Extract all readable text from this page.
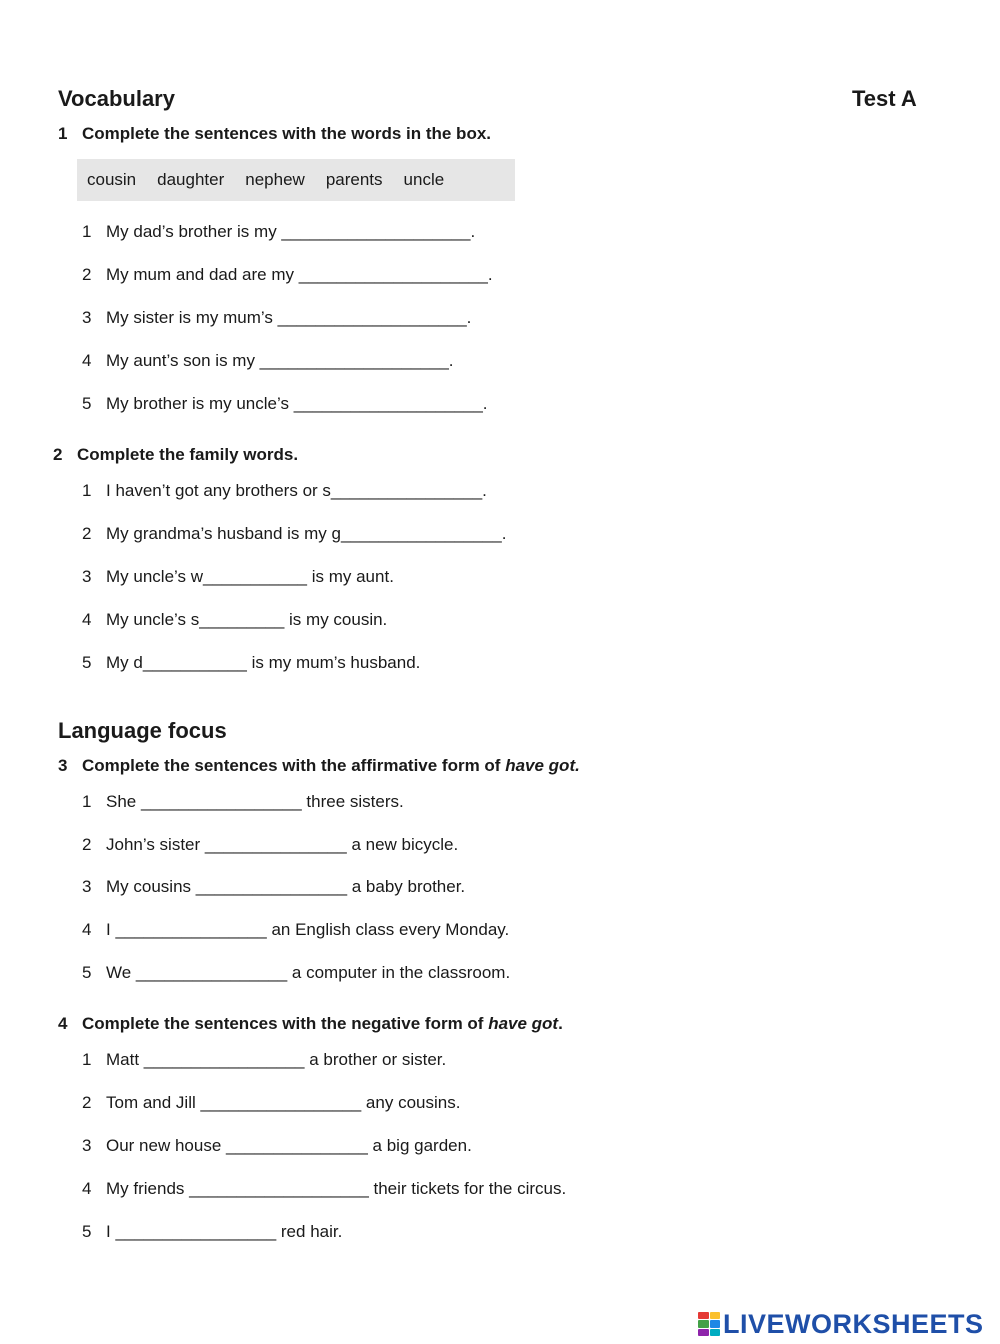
Vocabulary	Test A
1 Complete the sentences with the words in the box.
cousin daughter nephew parents uncle
1 My dad’s brother is my ____________________.
2 My mum and dad are my ____________________.
3 My sister is my mum’s ____________________.
4 My aunt’s son is my ____________________.
5 My brother is my uncle’s ____________________.
2 Complete the family words.
1 I haven’t got any brothers or s________________.
2 My grandma’s husband is my g_________________.
3 My uncle’s w___________ is my aunt.
4 My uncle’s s_________ is my cousin.
5 My d___________ is my mum’s husband.
Language focus
3 Complete the sentences with the affirmative form of have got.
1 She _________________ three sisters.
2 John’s sister _______________ a new bicycle.
3 My cousins ________________ a baby brother.
4 I ________________ an English class every Monday.
5 We ________________ a computer in the classroom.
4 Complete the sentences with the negative form of have got.
1 Matt _________________ a brother or sister.
2 Tom and Jill _________________ any cousins.
3 Our new house _______________ a big garden.
4 My friends ___________________ their tickets for the circus.
5 I _________________ red hair.
LIVEWORKSHEETS
